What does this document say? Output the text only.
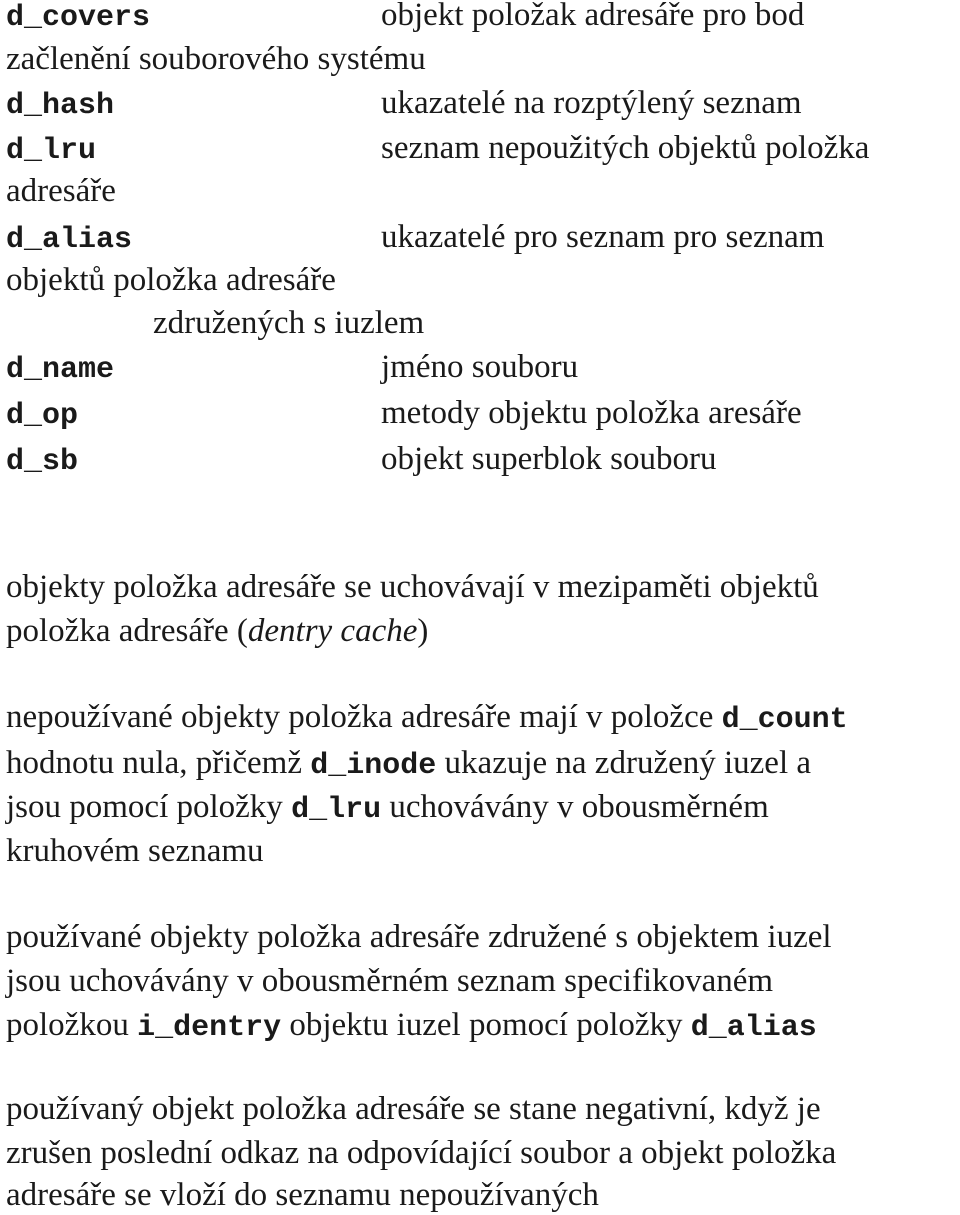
d_covers	objekt položak adresáře pro bod
začlenění souborového systému
d_hash	ukazatelé na rozptýlený seznam
d_lru	seznam nepoužitých objektů položka
adresáře
d_alias	ukazatelé pro seznam pro seznam
objektů položka adresáře
združených s iuzlem
d_name	jméno souboru
d_op	metody objektu položka aresáře
d_sb	objekt superblok souboru
objekty položka adresáře se uchovávají v mezipaměti objektů
položka adresáře (dentry cache)
nepoužívané objekty položka adresáře mají v položce d_count
hodnotu nula, přičemž d_inode ukazuje na združený iuzel a
jsou pomocí položky d_lru uchovávány v obousměrném
kruhovém seznamu
používané objekty položka adresáře združené s objektem iuzel
jsou uchovávány v obousměrném seznam specifikovaném
položkou i_dentry objektu iuzel pomocí položky d_alias
používaný objekt položka adresáře se stane negativní, když je
zrušen poslední odkaz na odpovídající soubor a objekt položka
adresáře se vloží do seznamu nepoužívaných
